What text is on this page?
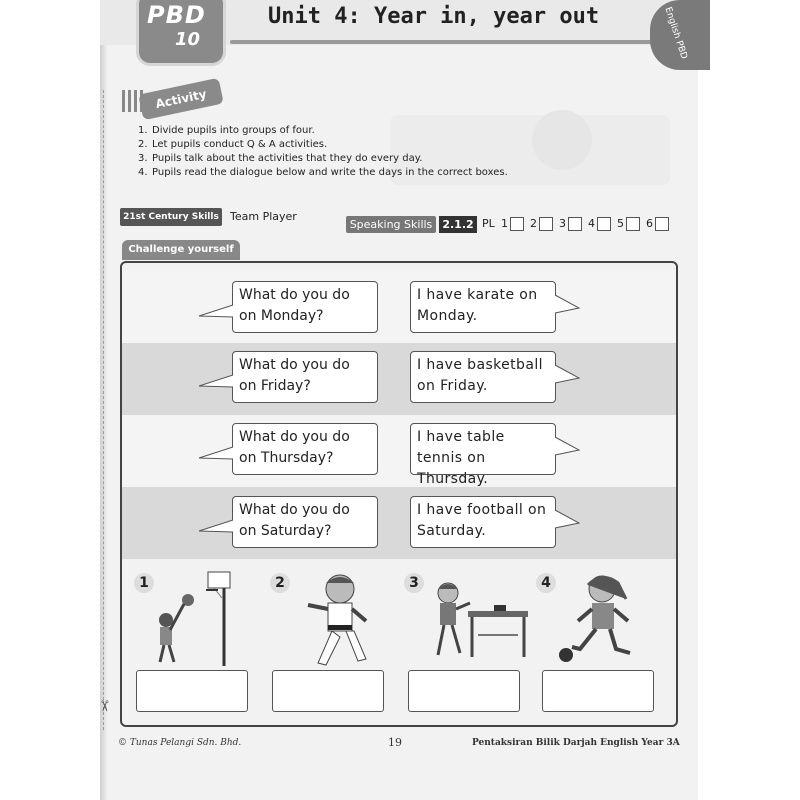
✂
PBD
10
Unit 4: Year in, year out	English PBD
Activity
1. Divide pupils into groups of four.
2. Let pupils conduct Q & A activities.
3. Pupils talk about the activities that they do every day.
4. Pupils read the dialogue below and write the days in the correct boxes.
21st Century Skills Team Player
Speaking Skills 2.1.2 PL 1 2 3 4 5 6
Challenge yourself
What do you do on Monday?
I have karate on Monday.
What do you do on Friday?
I have basketball on Friday.
What do you do on Thursday?
I have table tennis on Thursday.
What do you do on Saturday?
I have football on Saturday.
1	2	3	4
© Tunas Pelangi Sdn. Bhd.	19	Pentaksiran Bilik Darjah English Year 3A
